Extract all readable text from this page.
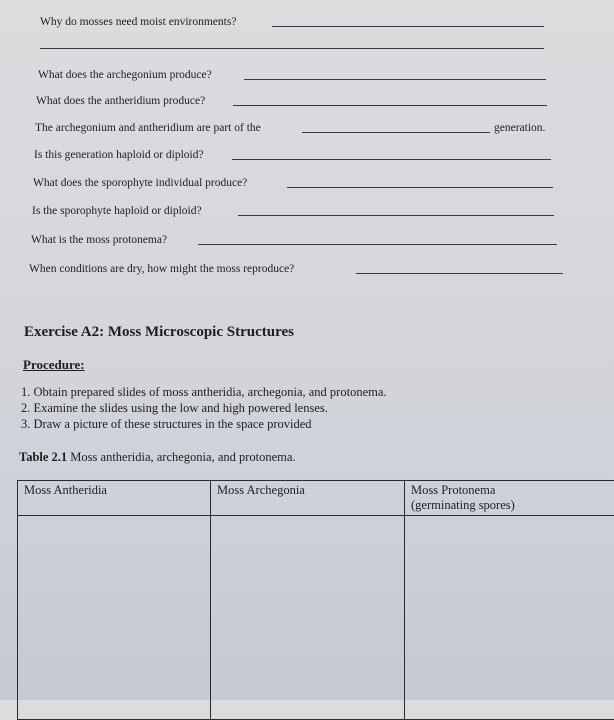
Why do mosses need moist environments?
What does the archegonium produce?
What does the antheridium produce?
The archegonium and antheridium are part of the	generation.
Is this generation haploid or diploid?
What does the sporophyte individual produce?
Is the sporophyte haploid or diploid?
What is the moss protonema?
When conditions are dry, how might the moss reproduce?
Exercise A2: Moss Microscopic Structures
Procedure:
1. Obtain prepared slides of moss antheridia, archegonia, and protonema.
2. Examine the slides using the low and high powered lenses.
3. Draw a picture of these structures in the space provided
Table 2.1 Moss antheridia, archegonia, and protonema.
Moss Antheridia	Moss Archegonia	Moss Protonema
(germinating spores)
